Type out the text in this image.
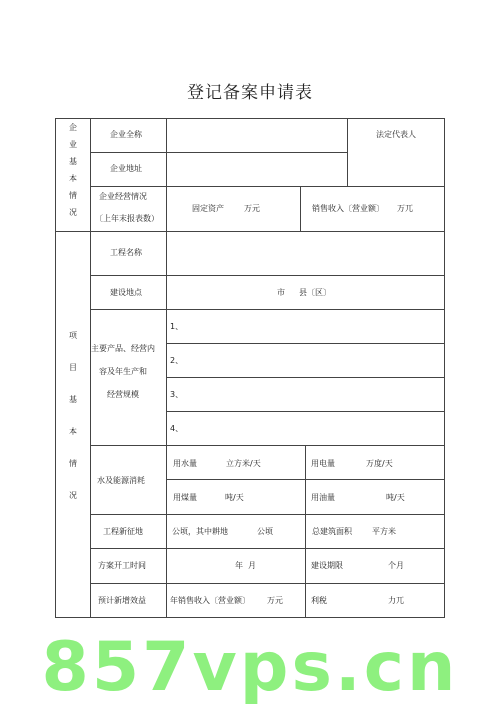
登记备案申请表
企
业
基
本
情
况
企业全称	法定代表人
企业地址
企业经营情况
〔上年末报表数）
固定资产	万元	销售收入〔营业额〕 万兀
项
目
基
本
情
况
工程名称
建设地点	市 县〔区〕
主要产品、经营内
容及年生产和
经营规模
1、
2、
3、
4、
水及能源消耗
用水量	立方米/天	用电量	万度/天
用煤量	吨/天	用油量	吨/天
工程新征地	公顷，其中耕地	公顷	总建筑面积	平方米
方案开工时间	年 月	建设期限	个月
预计新增效益	年销售收入〔营业额〕 万元	利税	力兀
857vps.cn
